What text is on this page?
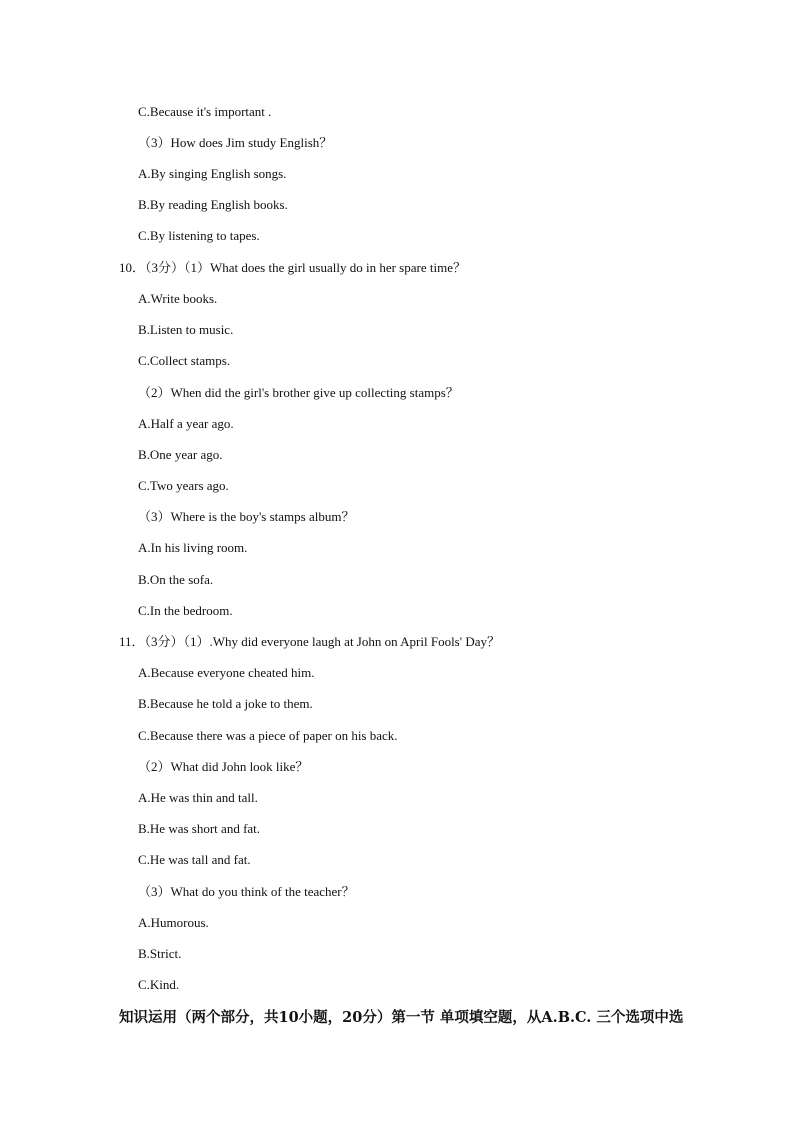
C.Because it's important .
（3）How does Jim study English？
A.By singing English songs.
B.By reading English books.
C.By listening to tapes.
10．（3分）（1）What does the girl usually do in her spare time？
A.Write books.
B.Listen to music.
C.Collect stamps.
（2）When did the girl's brother give up collecting stamps？
A.Half a year ago.
B.One year ago.
C.Two years ago.
（3）Where is the boy's stamps album？
A.In his living room.
B.On the sofa.
C.In the bedroom.
11．（3分）（1）.Why did everyone laugh at John on April Fools' Day？
A.Because everyone cheated him.
B.Because he told a joke to them.
C.Because there was a piece of paper on his back.
（2）What did John look like？
A.He was thin and tall.
B.He was short and fat.
C.He was tall and fat.
（3）What do you think of the teacher？
A.Humorous.
B.Strict.
C.Kind.
知识运用（两个部分，共10小题，20分）第一节 单项填空题，从A.B.C. 三个选项中选
